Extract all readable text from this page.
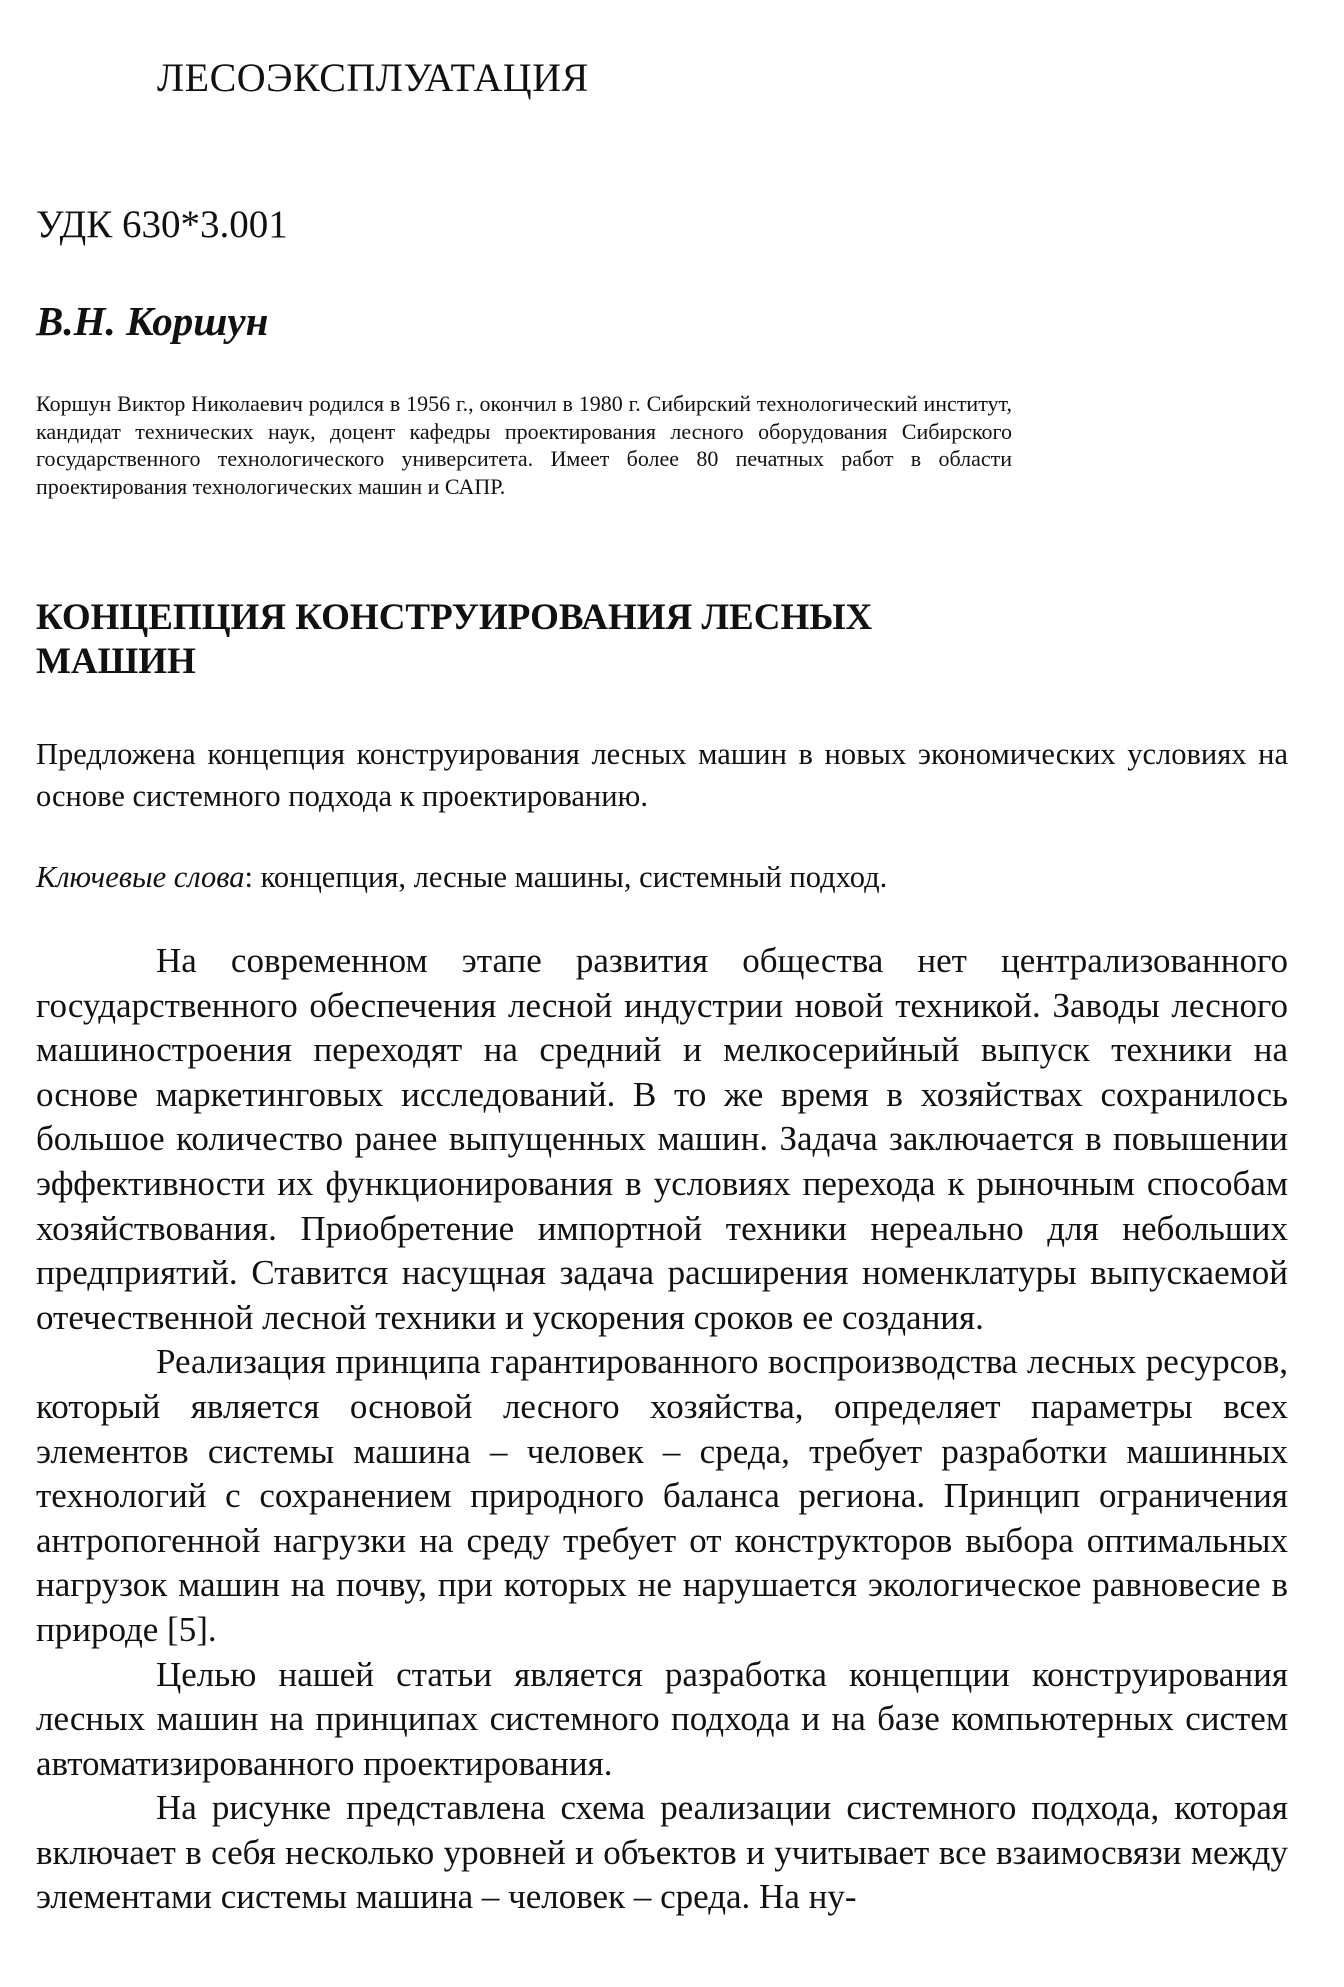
ЛЕСОЭКСПЛУАТАЦИЯ

УДК 630*3.001

В.Н. Коршун

Коршун Виктор Николаевич родился в 1956 г., окончил в 1980 г. Сибирский технологический институт, кандидат технических наук, доцент кафедры проектирования лесного оборудования Сибирского государственного технологического университета. Имеет более 80 печатных работ в области проектирования технологических машин и САПР.

КОНЦЕПЦИЯ КОНСТРУИРОВАНИЯ ЛЕСНЫХ
МАШИН

Предложена концепция конструирования лесных машин в новых экономических условиях на основе системного подхода к проектированию.

Ключевые слова: концепция, лесные машины, системный подход.

На современном этапе развития общества нет централизованного государственного обеспечения лесной индустрии новой техникой. Заводы лесного машиностроения переходят на средний и мелкосерийный выпуск техники на основе маркетинговых исследований. В то же время в хозяйствах сохранилось большое количество ранее выпущенных машин. Задача заключается в повышении эффективности их функционирования в условиях перехода к рыночным способам хозяйствования. Приобретение импортной техники нереально для небольших предприятий. Ставится насущная задача расширения номенклатуры выпускаемой отечественной лесной техники и ускорения сроков ее создания.

Реализация принципа гарантированного воспроизводства лесных ресурсов, который является основой лесного хозяйства, определяет параметры всех элементов системы машина – человек – среда, требует разработки машинных технологий с сохранением природного баланса региона. Принцип ограничения антропогенной нагрузки на среду требует от конструкторов выбора оптимальных нагрузок машин на почву, при которых не нарушается экологическое равновесие в природе [5].

Целью нашей статьи является разработка концепции конструирования лесных машин на принципах системного подхода и на базе компьютерных систем автоматизированного проектирования.

На рисунке представлена схема реализации системного подхода, которая включает в себя несколько уровней и объектов и учитывает все взаимосвязи между элементами системы машина – человек – среда. На ну-
